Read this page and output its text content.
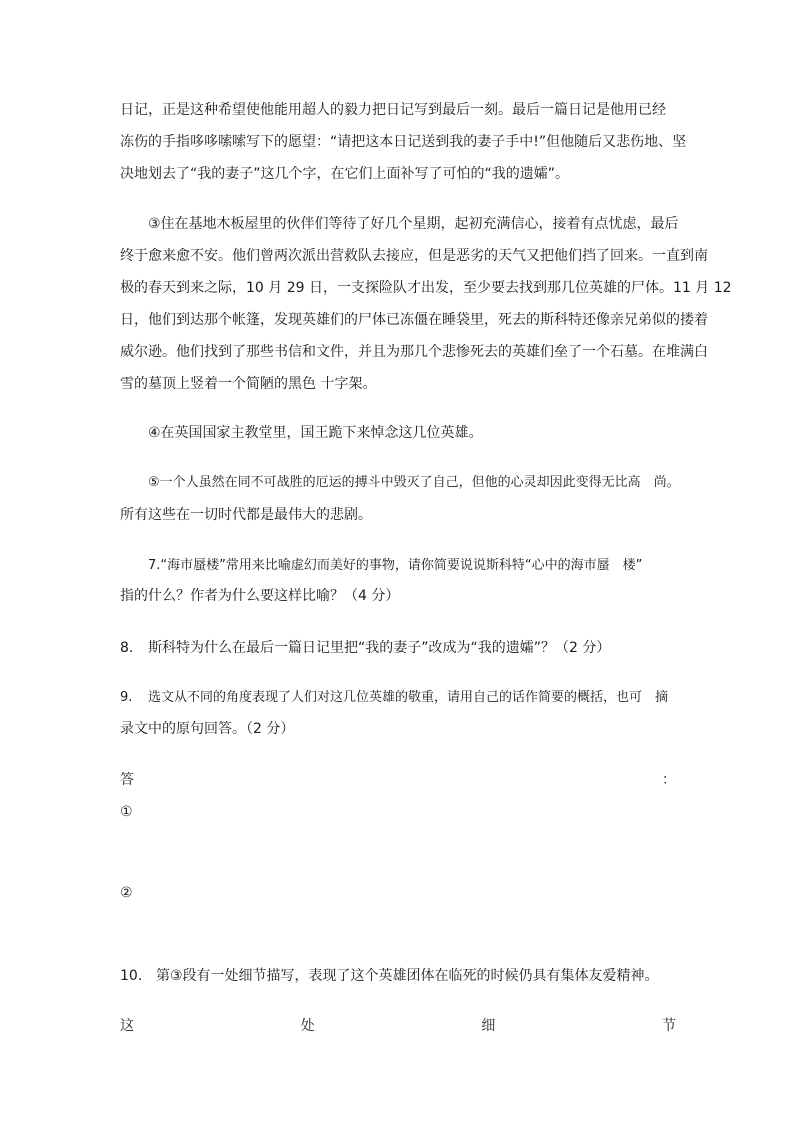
日记，正是这种希望使他能用超人的毅力把日记写到最后一刻。最后一篇日记是他用已经
冻伤的手指哆哆嗦嗦写下的愿望：“请把这本日记送到我的妻子手中!”但他随后又悲伤地、坚
决地划去了“我的妻子”这几个字，在它们上面补写了可怕的“我的遗孀”。
③住在基地木板屋里的伙伴们等待了好几个星期，起初充满信心，接着有点忧虑，最后
终于愈来愈不安。他们曾两次派出营救队去接应，但是恶劣的天气又把他们挡了回来。一直到南
极的春天到来之际，10 月 29 日，一支探险队才出发，至少要去找到那几位英雄的尸体。11 月 12
日，他们到达那个帐篷，发现英雄们的尸体已冻僵在睡袋里，死去的斯科特还像亲兄弟似的搂着
威尔逊。他们找到了那些书信和文件，并且为那几个悲惨死去的英雄们垒了一个石墓。在堆满白
雪的墓顶上竖着一个简陋的黑色 十字架。
④在英国国家主教堂里，国王跪下来悼念这几位英雄。
⑤一个人虽然在同不可战胜的厄运的搏斗中毁灭了自己，但他的心灵却因此变得无比高　尚。
所有这些在一切时代都是最伟大的悲剧。
7.“海市蜃楼”常用来比喻虚幻而美好的事物，请你简要说说斯科特“心中的海市蜃　楼”
指的什么？作者为什么要这样比喻？（4 分）
8. 斯科特为什么在最后一篇日记里把“我的妻子”改成为“我的遗孀”？（2 分）
9. 选文从不同的角度表现了人们对这几位英雄的敬重，请用自己的话作简要的概括，也可　摘
录文中的原句回答。（2 分）
答	：
①
②
10. 第③段有一处细节描写，表现了这个英雄团体在临死的时候仍具有集体友爱精神。
这	处	细	节
